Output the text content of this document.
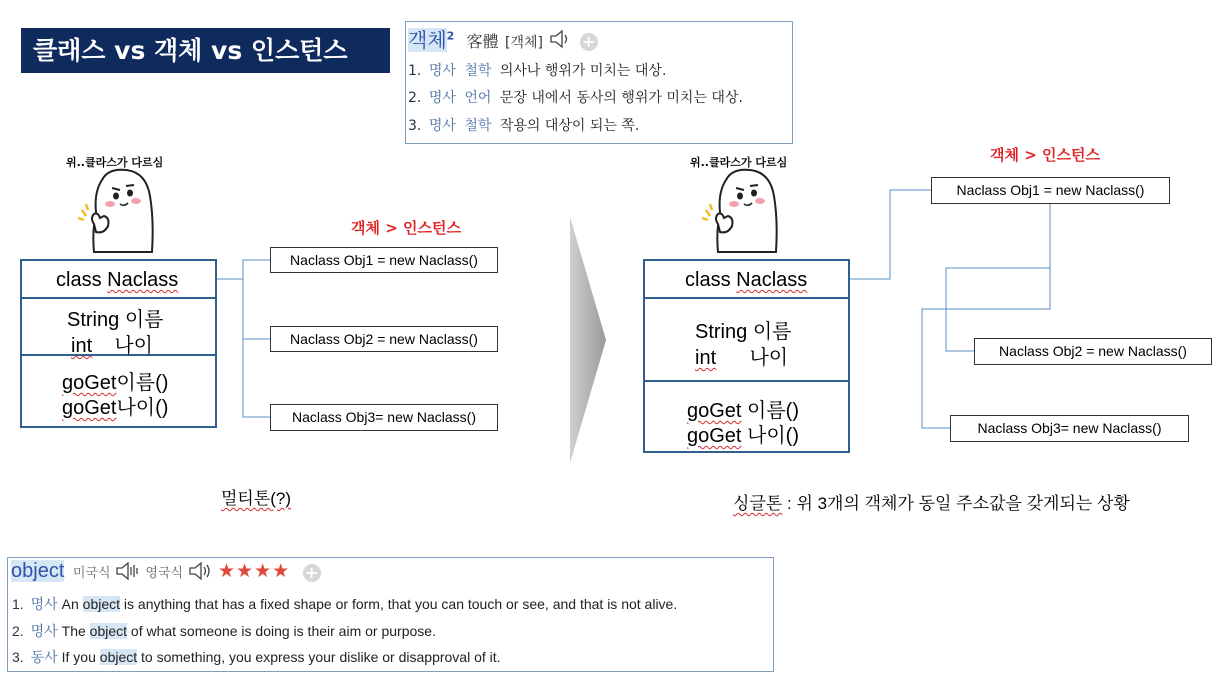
클래스 vs 객체 vs 인스턴스	객체$^2$ 客體 [객체] +
1. 명사 철학 의사나 행위가 미치는 대상.
2. 명사 언어 문장 내에서 동사의 행위가 미치는 대상.
3. 명사 철학 작용의 대상이 되는 쪽.
위..클라스가 다르심	위..클라스가 다르심
class Naclass
String 이름
int 나이
goGet이름()
goGet나이()
객체 > 인스턴스
Naclass Obj1 = new Naclass()
Naclass Obj2 = new Naclass()
Naclass Obj3= new Naclass()
멀티톤(?)
class Naclass
String 이름
int 나이
goGet 이름()
goGet 나이()
객체 > 인스턴스
Naclass Obj1 = new Naclass()
Naclass Obj2 = new Naclass()
Naclass Obj3= new Naclass()
싱글톤 : 위 3개의 객체가 동일 주소값을 갖게되는 상황
object 미국식	영국식 ★★★★ +
1. 명사 An object is anything that has a fixed shape or form, that you can touch or see, and that is not alive.
2. 명사 The object of what someone is doing is their aim or purpose.
3. 동사 If you object to something, you express your dislike or disapproval of it.
